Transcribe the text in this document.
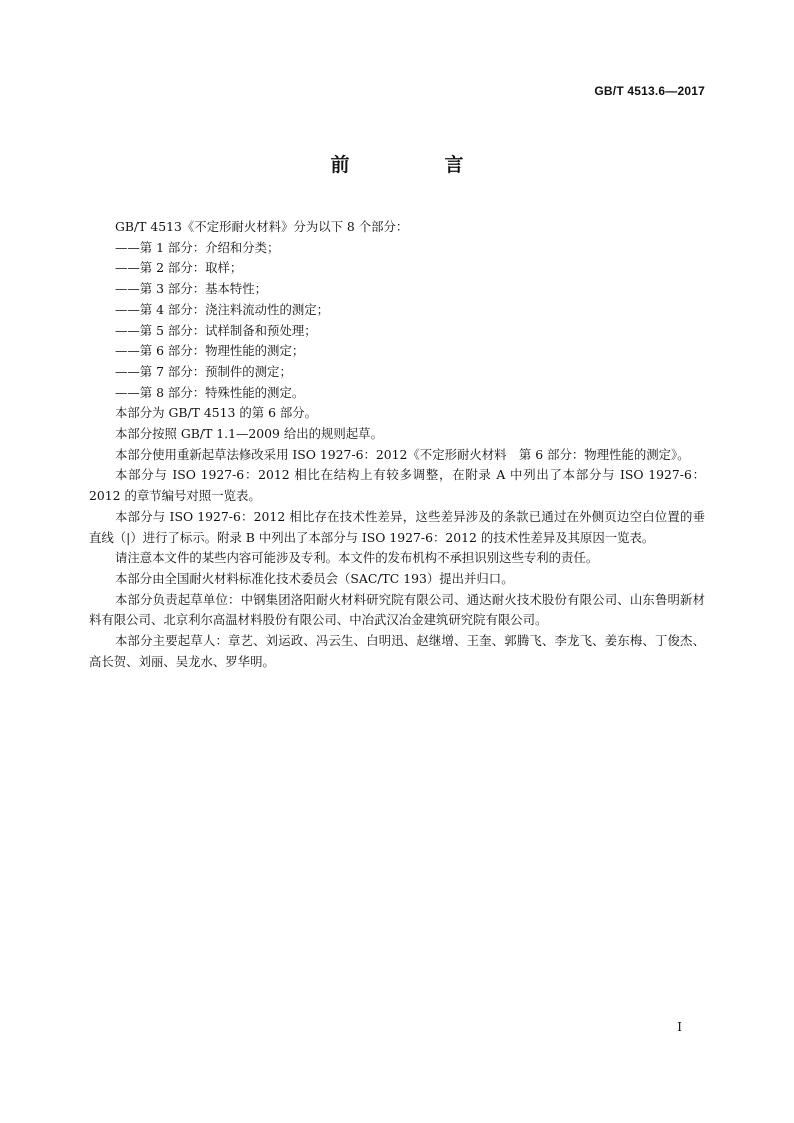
GB/T 4513.6—2017
前　言

GB/T 4513《不定形耐火材料》分为以下 8 个部分：

——第 1 部分：介绍和分类；

——第 2 部分：取样；

——第 3 部分：基本特性；

——第 4 部分：浇注料流动性的测定；

——第 5 部分：试样制备和预处理；

——第 6 部分：物理性能的测定；

——第 7 部分：预制件的测定；

——第 8 部分：特殊性能的测定。

本部分为 GB/T 4513 的第 6 部分。

本部分按照 GB/T 1.1—2009 给出的规则起草。

本部分使用重新起草法修改采用 ISO 1927-6：2012《不定形耐火材料　第 6 部分：物理性能的测定》。

本部分与 ISO 1927-6：2012 相比在结构上有较多调整，在附录 A 中列出了本部分与 ISO 1927-6：2012 的章节编号对照一览表。

本部分与 ISO 1927-6：2012 相比存在技术性差异，这些差异涉及的条款已通过在外侧页边空白位置的垂直线（|）进行了标示。附录 B 中列出了本部分与 ISO 1927-6：2012 的技术性差异及其原因一览表。

请注意本文件的某些内容可能涉及专利。本文件的发布机构不承担识别这些专利的责任。

本部分由全国耐火材料标准化技术委员会（SAC/TC 193）提出并归口。

本部分负责起草单位：中钢集团洛阳耐火材料研究院有限公司、通达耐火技术股份有限公司、山东鲁明新材料有限公司、北京利尔高温材料股份有限公司、中冶武汉冶金建筑研究院有限公司。

本部分主要起草人：章艺、刘运政、冯云生、白明迅、赵继增、王奎、郭腾飞、李龙飞、姜东梅、丁俊杰、高长贺、刘丽、吴龙水、罗华明。

I
